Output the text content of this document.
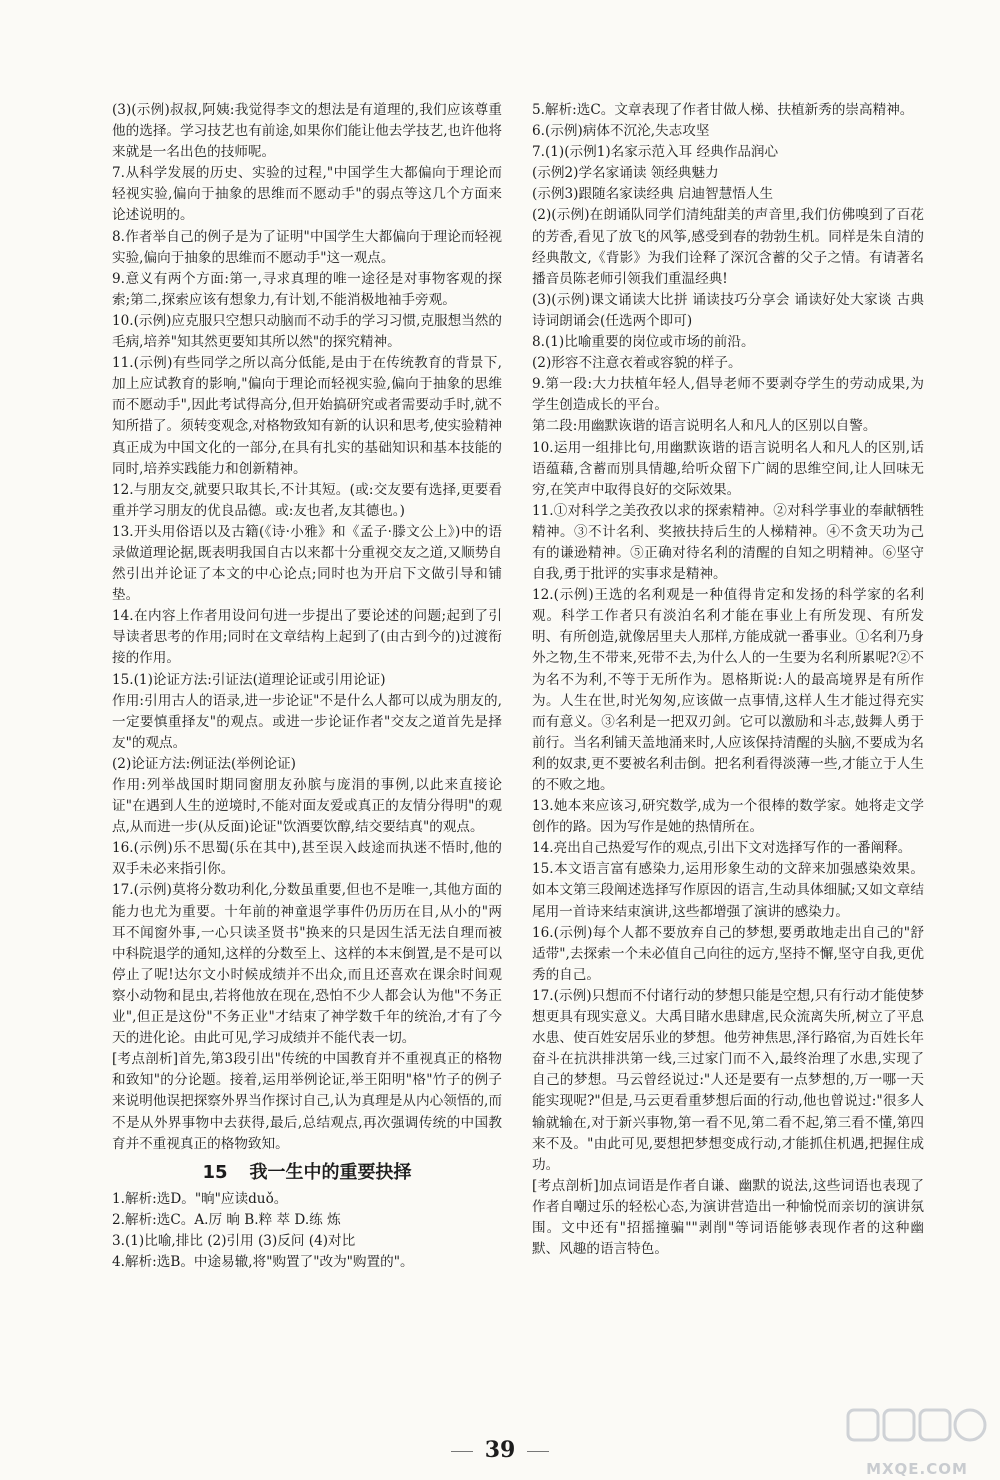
(3)(示例)叔叔,阿姨:我觉得李文的想法是有道理的,我们应该尊重他的选择。学习技艺也有前途,如果你们能让他去学技艺,也许他将来就是一名出色的技师呢。

7.从科学发展的历史、实验的过程,"中国学生大都偏向于理论而轻视实验,偏向于抽象的思维而不愿动手"的弱点等这几个方面来论述说明的。

8.作者举自己的例子是为了证明"中国学生大都偏向于理论而轻视实验,偏向于抽象的思维而不愿动手"这一观点。

9.意义有两个方面:第一,寻求真理的唯一途径是对事物客观的探索;第二,探索应该有想象力,有计划,不能消极地袖手旁观。

10.(示例)应克服只空想只动脑而不动手的学习习惯,克服想当然的毛病,培养"知其然更要知其所以然"的探究精神。

11.(示例)有些同学之所以高分低能,是由于在传统教育的背景下,加上应试教育的影响,"偏向于理论而轻视实验,偏向于抽象的思维而不愿动手",因此考试得高分,但开始搞研究或者需要动手时,就不知所措了。须转变观念,对格物致知有新的认识和思考,使实验精神真正成为中国文化的一部分,在具有扎实的基础知识和基本技能的同时,培养实践能力和创新精神。

12.与朋友交,就要只取其长,不计其短。(或:交友要有选择,更要看重并学习朋友的优良品德。或:友也者,友其德也。)

13.开头用俗语以及古籍(《诗·小雅》和《孟子·滕文公上》)中的语录做道理论据,既表明我国自古以来都十分重视交友之道,又顺势自然引出并论证了本文的中心论点;同时也为开启下文做引导和铺垫。

14.在内容上作者用设问句进一步提出了要论述的问题;起到了引导读者思考的作用;同时在文章结构上起到了(由古到今的)过渡衔接的作用。

15.(1)论证方法:引证法(道理论证或引用论证)

作用:引用古人的语录,进一步论证"不是什么人都可以成为朋友的,一定要慎重择友"的观点。或进一步论证作者"交友之道首先是择友"的观点。

(2)论证方法:例证法(举例论证)

作用:列举战国时期同窗朋友孙膑与庞涓的事例,以此来直接论证"在遇到人生的逆境时,不能对面友爱或真正的友情分得明"的观点,从而进一步(从反面)论证"饮酒要饮醇,结交要结真"的观点。

16.(示例)乐不思蜀(乐在其中),甚至误入歧途而执迷不悟时,他的双手未必来指引你。

17.(示例)莫将分数功利化,分数虽重要,但也不是唯一,其他方面的能力也尤为重要。十年前的神童退学事件仍历历在目,从小的"两耳不闻窗外事,一心只读圣贤书"换来的只是因生活无法自理而被中科院退学的通知,这样的分数至上、这样的本末倒置,是不是可以停止了呢!达尔文小时候成绩并不出众,而且还喜欢在课余时间观察小动物和昆虫,若将他放在现在,恐怕不少人都会认为他"不务正业",但正是这份"不务正业"才结束了神学数千年的统治,才有了今天的进化论。由此可见,学习成绩并不能代表一切。

[考点剖析]首先,第3段引出"传统的中国教育并不重视真正的格物和致知"的分论题。接着,运用举例论证,举王阳明"格"竹子的例子来说明他误把探察外界当作探讨自己,认为真理是从内心领悟的,而不是从外界事物中去获得,最后,总结观点,再次强调传统的中国教育并不重视真正的格物致知。

15 我一生中的重要抉择

1.解析:选D。"晌"应读duǒ。

2.解析:选C。A.厉 晌 B.粹 萃 D.练 炼

3.(1)比喻,排比 (2)引用 (3)反问 (4)对比

4.解析:选B。中途易辙,将"购置了"改为"购置的"。

5.解析:选C。文章表现了作者甘做人梯、扶植新秀的崇高精神。

6.(示例)病体不沉沦,失志攻坚

7.(1)(示例1)名家示范入耳 经典作品润心

(示例2)学名家诵读 领经典魅力

(示例3)跟随名家读经典 启迪智慧悟人生

(2)(示例)在朗诵队同学们清纯甜美的声音里,我们仿佛嗅到了百花的芳香,看见了放飞的风筝,感受到春的勃勃生机。同样是朱自清的经典散文,《背影》为我们诠释了深沉含蓄的父子之情。有请著名播音员陈老师引领我们重温经典!

(3)(示例)课文诵读大比拼 诵读技巧分享会 诵读好处大家谈 古典诗词朗诵会(任选两个即可)

8.(1)比喻重要的岗位或市场的前沿。

(2)形容不注意衣着或容貌的样子。

9.第一段:大力扶植年轻人,倡导老师不要剥夺学生的劳动成果,为学生创造成长的平台。

第二段:用幽默诙谐的语言说明名人和凡人的区别以自警。

10.运用一组排比句,用幽默诙谐的语言说明名人和凡人的区别,话语蕴藉,含蓄而別具情趣,给听众留下广阔的思维空间,让人回味无穷,在笑声中取得良好的交际效果。

11.①对科学之美孜孜以求的探索精神。②对科学事业的奉献牺牲精神。③不计名利、奖掖扶持后生的人梯精神。④不贪天功为己有的谦逊精神。⑤正确对待名利的清醒的自知之明精神。⑥坚守自我,勇于批评的实事求是精神。

12.(示例)王选的名利观是一种值得肯定和发扬的科学家的名利观。科学工作者只有淡泊名利才能在事业上有所发现、有所发明、有所创造,就像居里夫人那样,方能成就一番事业。①名利乃身外之物,生不带来,死带不去,为什么人的一生要为名利所累呢?②不为名不为利,不等于无所作为。恩格斯说:人的最高境界是有所作为。人生在世,时光匆匆,应该做一点事情,这样人生才能过得充实而有意义。③名利是一把双刃剑。它可以激励和斗志,鼓舞人勇于前行。当名利铺天盖地涌来时,人应该保持清醒的头脑,不要成为名利的奴隶,更不要被名利击倒。把名利看得淡薄一些,才能立于人生的不败之地。

13.她本来应该习,研究数学,成为一个很棒的数学家。她将走文学创作的路。因为写作是她的热情所在。

14.亮出自己热爱写作的观点,引出下文对选择写作的一番阐释。

15.本文语言富有感染力,运用形象生动的文辞来加强感染效果。如本文第三段阐述选择写作原因的语言,生动具体细腻;又如文章结尾用一首诗来结束演讲,这些都增强了演讲的感染力。

16.(示例)每个人都不要放弃自己的梦想,要勇敢地走出自己的"舒适带",去探索一个未必值自己向往的远方,坚持不懈,坚守自我,更优秀的自己。

17.(示例)只想而不付诸行动的梦想只能是空想,只有行动才能使梦想更具有现实意义。大禹目睹水患肆虐,民众流离失所,树立了平息水患、使百姓安居乐业的梦想。他劳神焦思,泽行路宿,为百姓长年奋斗在抗洪排洪第一线,三过家门而不入,最终治理了水患,实现了自己的梦想。马云曾经说过:"人还是要有一点梦想的,万一哪一天能实现呢?"但是,马云更看重梦想后面的行动,他也曾说过:"很多人输就输在,对于新兴事物,第一看不见,第二看不起,第三看不懂,第四来不及。"由此可见,要想把梦想变成行动,才能抓住机遇,把握住成功。

[考点剖析]加点词语是作者自谦、幽默的说法,这些词语也表现了作者自嘲过乐的轻松心态,为演讲营造出一种愉悦而亲切的演讲氛围。文中还有"招摇撞骗""剥削"等词语能够表现作者的这种幽默、风趣的语言特色。

39
MXQE.COM
